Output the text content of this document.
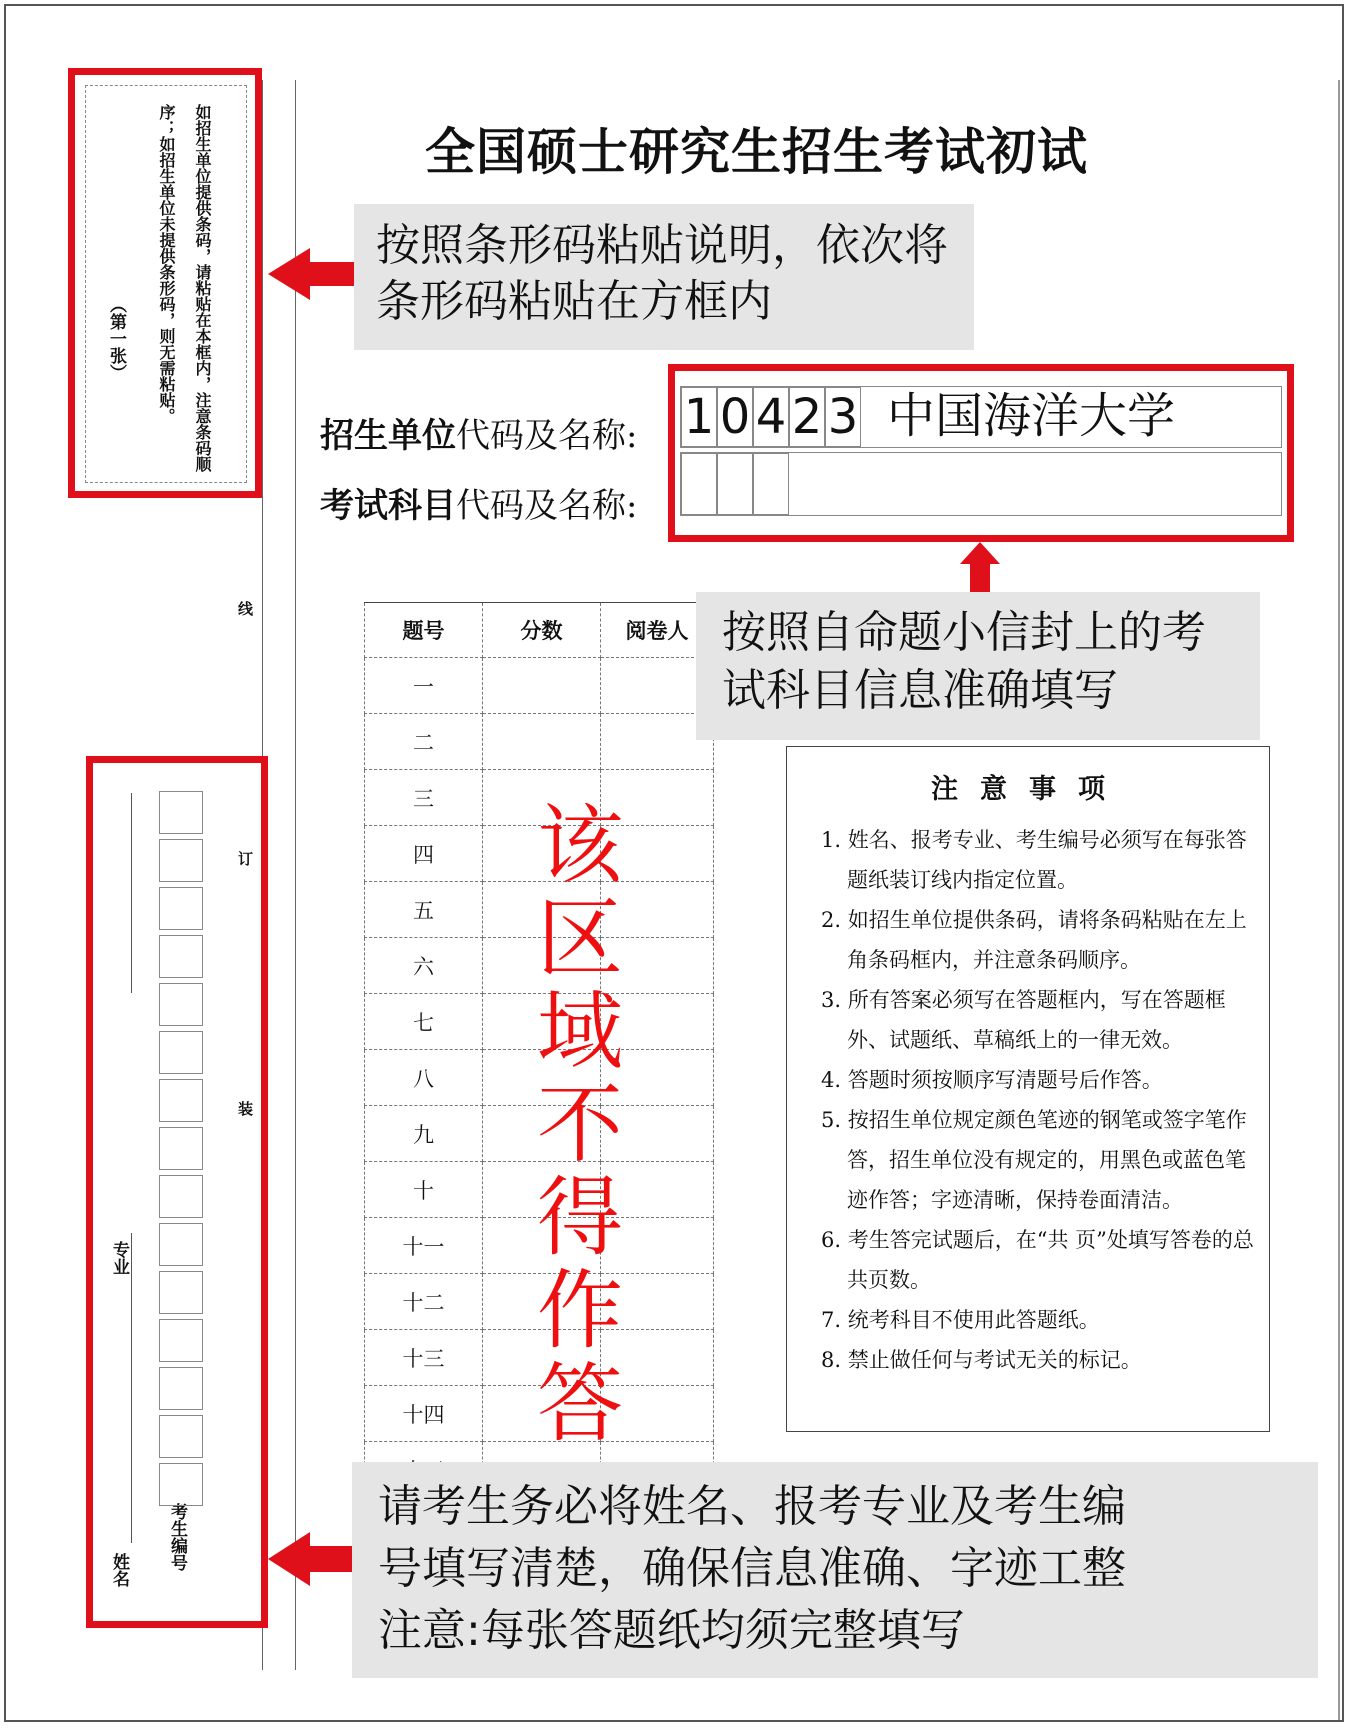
如招生单位提供条码，请粘贴在本框内，注意条码顺序；如招生单位未提供条形码，则无需粘贴。
（第一张）
线
订
装
全国硕士研究生招生考试初试
招生单位代码及名称:
考试科目代码及名称:
1 0 4 2 3 中国海洋大学
题号	分数	阅卷人
一		
二		
三		
四		
五		
六		
七		
八		
九		
十		
十一		
十二		
十三		
十四		

该
区
域
不
得
作
答
注意事项
1. 姓名、报考专业、考生编号必须写在每张答题纸装订线内指定位置。
2. 如招生单位提供条码，请将条码粘贴在左上角条码框内，并注意条码顺序。
3. 所有答案必须写在答题框内，写在答题框外、试题纸、草稿纸上的一律无效。
4. 答题时须按顺序写清题号后作答。
5. 按招生单位规定颜色笔迹的钢笔或签字笔作答，招生单位没有规定的，用黑色或蓝色笔迹作答；字迹清晰，保持卷面清洁。
6. 考生答完试题后，在“共 页”处填写答卷的总共页数。
7. 统考科目不使用此答题纸。
8. 禁止做任何与考试无关的标记。
姓名
专业
考生编号
按照条形码粘贴说明，依次将条形码粘贴在方框内
按照自命题小信封上的考试科目信息准确填写
请考生务必将姓名、报考专业及考生编
号填写清楚，确保信息准确、字迹工整
注意:每张答题纸均须完整填写
